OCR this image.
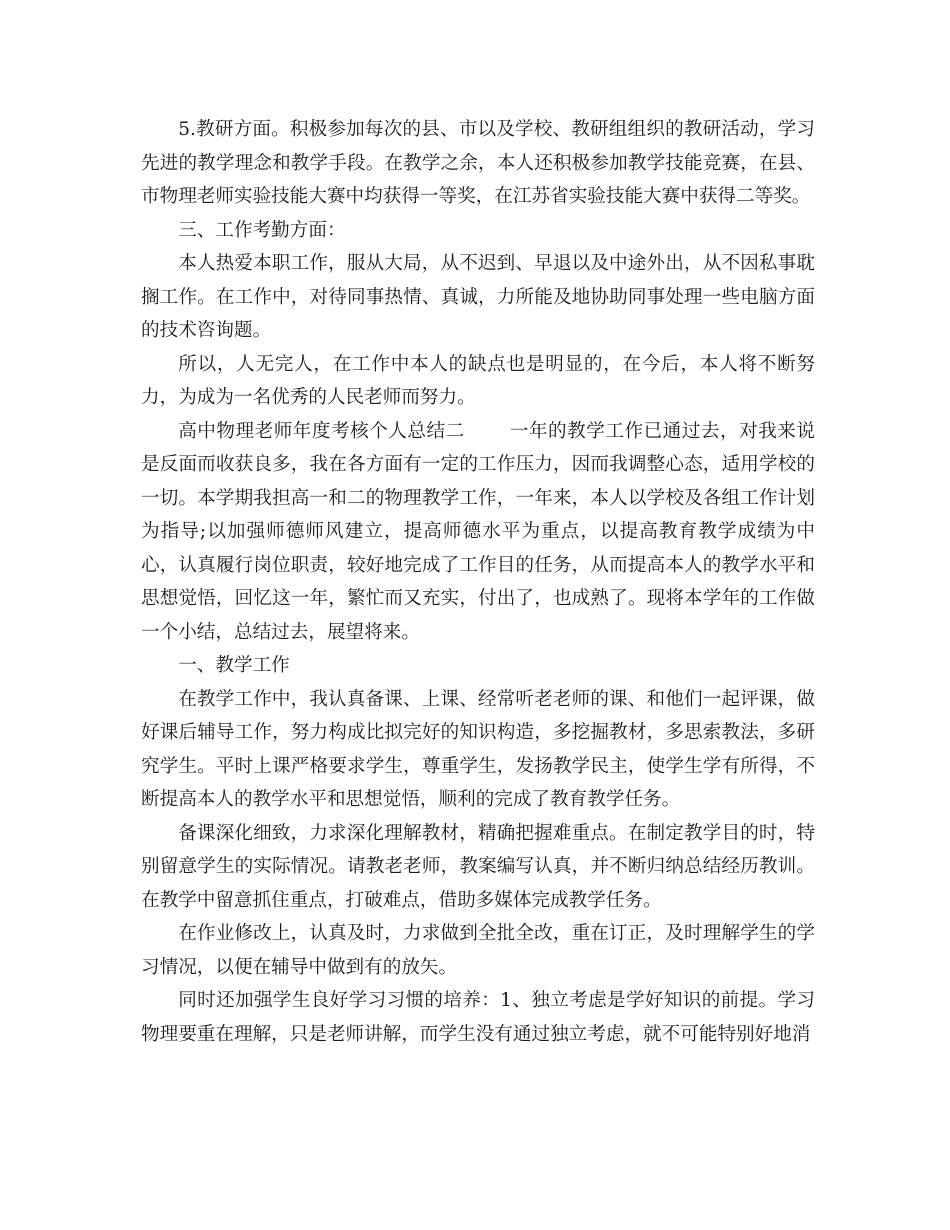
5.教研方面。积极参加每次的县、市以及学校、教研组组织的教研活动，学习先进的教学理念和教学手段。在教学之余，本人还积极参加教学技能竞赛，在县、市物理老师实验技能大赛中均获得一等奖，在江苏省实验技能大赛中获得二等奖。

三、工作考勤方面：

本人热爱本职工作，服从大局，从不迟到、早退以及中途外出，从不因私事耽搁工作。在工作中，对待同事热情、真诚，力所能及地协助同事处理一些电脑方面的技术咨询题。

所以，人无完人，在工作中本人的缺点也是明显的，在今后，本人将不断努力，为成为一名优秀的人民老师而努力。

高中物理老师年度考核个人总结二 一年的教学工作已通过去，对我来说是反面而收获良多，我在各方面有一定的工作压力，因而我调整心态，适用学校的一切。本学期我担高一和二的物理教学工作，一年来，本人以学校及各组工作计划为指导;以加强师德师风建立，提高师德水平为重点，以提高教育教学成绩为中心，认真履行岗位职责，较好地完成了工作目的任务，从而提高本人的教学水平和思想觉悟，回忆这一年，繁忙而又充实，付出了，也成熟了。现将本学年的工作做一个小结，总结过去，展望将来。

一、教学工作

在教学工作中，我认真备课、上课、经常听老老师的课、和他们一起评课，做好课后辅导工作，努力构成比拟完好的知识构造，多挖掘教材，多思索教法，多研究学生。平时上课严格要求学生，尊重学生，发扬教学民主，使学生学有所得，不断提高本人的教学水平和思想觉悟，顺利的完成了教育教学任务。

备课深化细致，力求深化理解教材，精确把握难重点。在制定教学目的时，特别留意学生的实际情况。请教老老师，教案编写认真，并不断归纳总结经历教训。在教学中留意抓住重点，打破难点，借助多媒体完成教学任务。

在作业修改上，认真及时，力求做到全批全改，重在订正，及时理解学生的学习情况，以便在辅导中做到有的放矢。

同时还加强学生良好学习习惯的培养：1、独立考虑是学好知识的前提。学习物理要重在理解，只是老师讲解，而学生没有通过独立考虑，就不可能特别好地消
